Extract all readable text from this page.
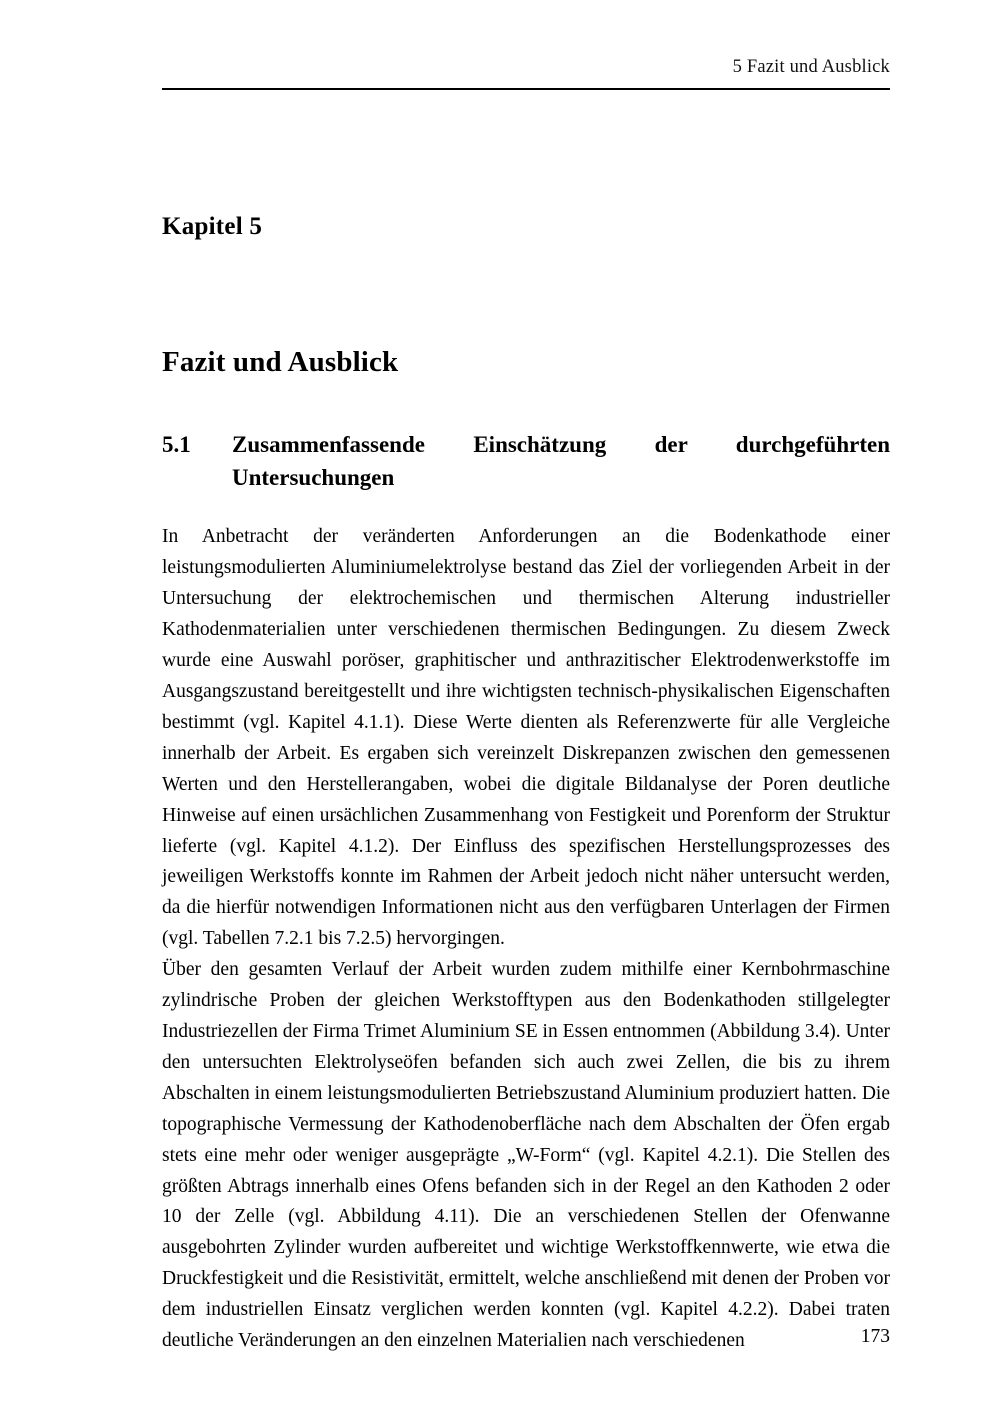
5 Fazit und Ausblick
Kapitel 5
Fazit und Ausblick
5.1	Zusammenfassende Einschätzung der durchgeführten
Untersuchungen

In Anbetracht der veränderten Anforderungen an die Bodenkathode einer leistungsmodulierten Aluminiumelektrolyse bestand das Ziel der vorliegenden Arbeit in der Untersuchung der elektrochemischen und thermischen Alterung industrieller Kathodenmaterialien unter verschiedenen thermischen Bedingungen. Zu diesem Zweck wurde eine Auswahl poröser, graphitischer und anthrazitischer Elektrodenwerkstoffe im Ausgangszustand bereitgestellt und ihre wichtigsten technisch-physikalischen Eigenschaften bestimmt (vgl. Kapitel 4.1.1). Diese Werte dienten als Referenzwerte für alle Vergleiche innerhalb der Arbeit. Es ergaben sich vereinzelt Diskrepanzen zwischen den gemessenen Werten und den Herstellerangaben, wobei die digitale Bildanalyse der Poren deutliche Hinweise auf einen ursächlichen Zusammenhang von Festigkeit und Porenform der Struktur lieferte (vgl. Kapitel 4.1.2). Der Einfluss des spezifischen Herstellungsprozesses des jeweiligen Werkstoffs konnte im Rahmen der Arbeit jedoch nicht näher untersucht werden, da die hierfür notwendigen Informationen nicht aus den verfügbaren Unterlagen der Firmen (vgl. Tabellen 7.2.1 bis 7.2.5) hervorgingen.

Über den gesamten Verlauf der Arbeit wurden zudem mithilfe einer Kernbohrmaschine zylindrische Proben der gleichen Werkstofftypen aus den Bodenkathoden stillgelegter Industriezellen der Firma Trimet Aluminium SE in Essen entnommen (Abbildung 3.4). Unter den untersuchten Elektrolyseöfen befanden sich auch zwei Zellen, die bis zu ihrem Abschalten in einem leistungsmodulierten Betriebszustand Aluminium produziert hatten. Die topographische Vermessung der Kathodenoberfläche nach dem Abschalten der Öfen ergab stets eine mehr oder weniger ausgeprägte „W-Form“ (vgl. Kapitel 4.2.1). Die Stellen des größten Abtrags innerhalb eines Ofens befanden sich in der Regel an den Kathoden 2 oder 10 der Zelle (vgl. Abbildung 4.11). Die an verschiedenen Stellen der Ofenwanne ausgebohrten Zylinder wurden aufbereitet und wichtige Werkstoffkennwerte, wie etwa die Druckfestigkeit und die Resistivität, ermittelt, welche anschließend mit denen der Proben vor dem industriellen Einsatz verglichen werden konnten (vgl. Kapitel 4.2.2). Dabei traten deutliche Veränderungen an den einzelnen Materialien nach verschiedenen	173
